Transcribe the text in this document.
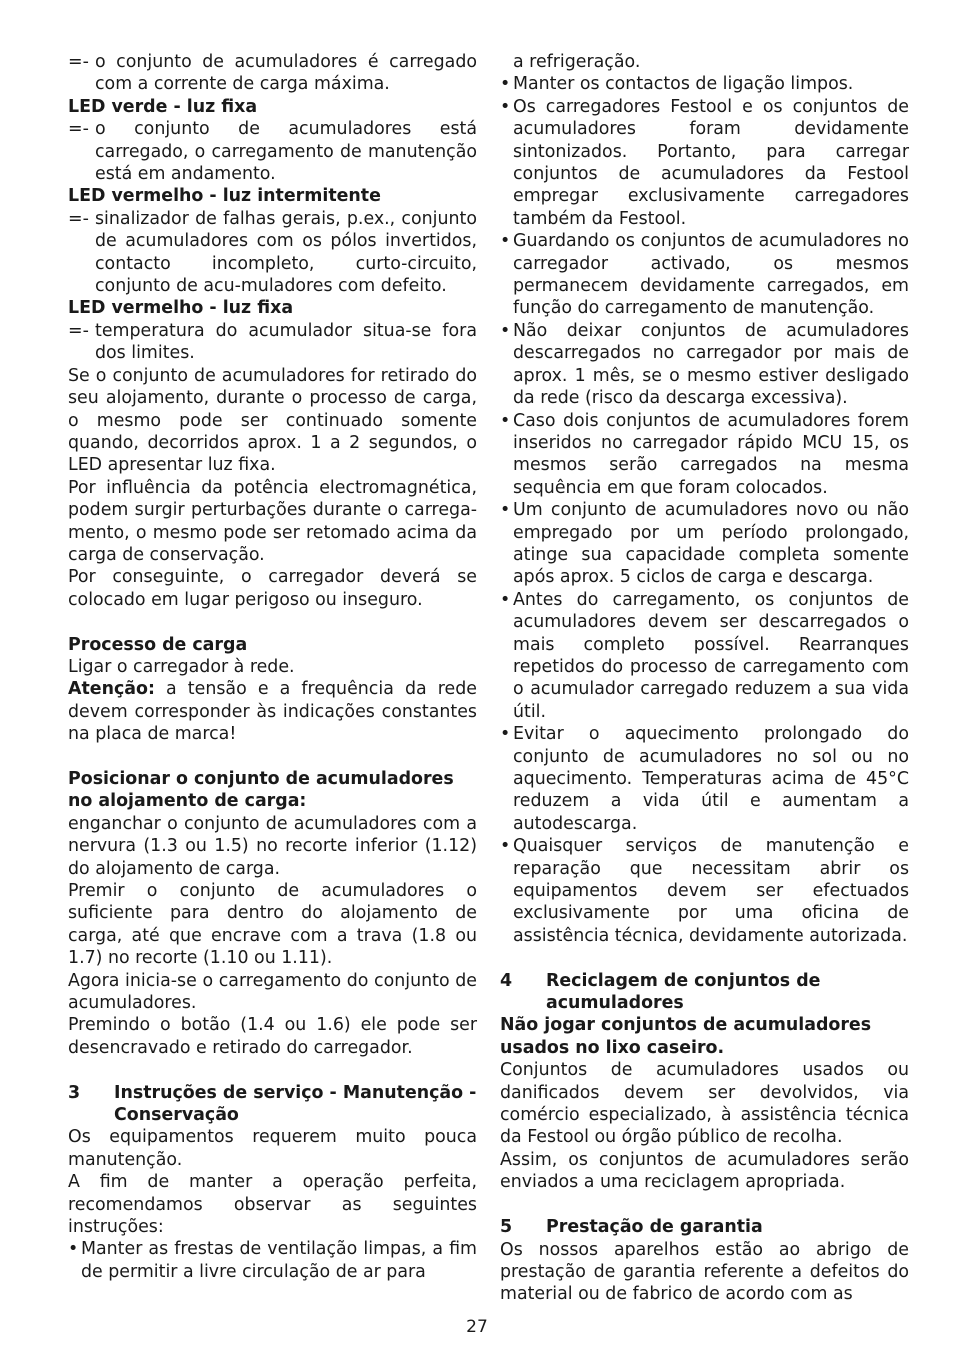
=- o conjunto de acumuladores é carregado com a corrente de carga máxima.

LED verde - luz fixa

=- o conjunto de acumuladores está carregado, o carregamento de manutenção está em andamento.

LED vermelho - luz intermitente

=- sinalizador de falhas gerais, p.ex., conjunto de acumuladores com os pólos invertidos, contacto incompleto, curto-circuito, conjunto de acu-muladores com defeito.

LED vermelho - luz fixa

=- temperatura do acumulador situa-se fora dos limites.

Se o conjunto de acumuladores for retirado do seu alojamento, durante o processo de carga, o mesmo pode ser continuado somente quando, decorridos aprox. 1 a 2 segundos, o LED apresentar luz fixa.

Por influência da potência electromagnética, podem surgir perturbações durante o carrega-mento, o mesmo pode ser retomado acima da carga de conservação.

Por conseguinte, o carregador deverá se colocado em lugar perigoso ou inseguro.

Processo de carga

Ligar o carregador à rede.

Atenção: a tensão e a frequência da rede devem corresponder às indicações constantes na placa de marca!

Posicionar o conjunto de acumuladores no alojamento de carga:

enganchar o conjunto de acumuladores com a nervura (1.3 ou 1.5) no recorte inferior (1.12) do alojamento de carga.

Premir o conjunto de acumuladores o suficiente para dentro do alojamento de carga, até que encrave com a trava (1.8 ou 1.7) no recorte (1.10 ou 1.11).

Agora inicia-se o carregamento do conjunto de acumuladores.

Premindo o botão (1.4 ou 1.6) ele pode ser desencravado e retirado do carregador.

3	Instruções de serviço - Manutenção - Conservação

Os equipamentos requerem muito pouca manutenção.

A fim de manter a operação perfeita, recomendamos observar as seguintes instruções:

• Manter as frestas de ventilação limpas, a fim de permitir a livre circulação de ar para
a refrigeração.
• Manter os contactos de ligação limpos.
• Os carregadores Festool e os conjuntos de acumuladores foram devidamente sintonizados. Portanto, para carregar conjuntos de acumuladores da Festool empregar exclusivamente carregadores também da Festool.
• Guardando os conjuntos de acumuladores no carregador activado, os mesmos permanecem devidamente carregados, em função do carregamento de manutenção.
• Não deixar conjuntos de acumuladores descarregados no carregador por mais de aprox. 1 mês, se o mesmo estiver desligado da rede (risco da descarga excessiva).
• Caso dois conjuntos de acumuladores forem inseridos no carregador rápido MCU 15, os mesmos serão carregados na mesma sequência em que foram colocados.
• Um conjunto de acumuladores novo ou não empregado por um período prolongado, atinge sua capacidade completa somente após aprox. 5 ciclos de carga e descarga.
• Antes do carregamento, os conjuntos de acumuladores devem ser descarregados o mais completo possível. Rearranques repetidos do processo de carregamento com o acumulador carregado reduzem a sua vida útil.
• Evitar o aquecimento prolongado do conjunto de acumuladores no sol ou no aquecimento. Temperaturas acima de 45°C reduzem a vida útil e aumentam a autodescarga.
• Quaisquer serviços de manutenção e reparação que necessitam abrir os equipamentos devem ser efectuados exclusivamente por uma oficina de assistência técnica, devidamente autorizada.
4	Reciclagem de conjuntos de acumuladores

Não jogar conjuntos de acumuladores usados no lixo caseiro.

Conjuntos de acumuladores usados ou danificados devem ser devolvidos, via comércio especializado, à assistência técnica da Festool ou órgão público de recolha.

Assim, os conjuntos de acumuladores serão enviados a uma reciclagem apropriada.

5	Prestação de garantia

Os nossos aparelhos estão ao abrigo de prestação de garantia referente a defeitos do material ou de fabrico de acordo com as

27
